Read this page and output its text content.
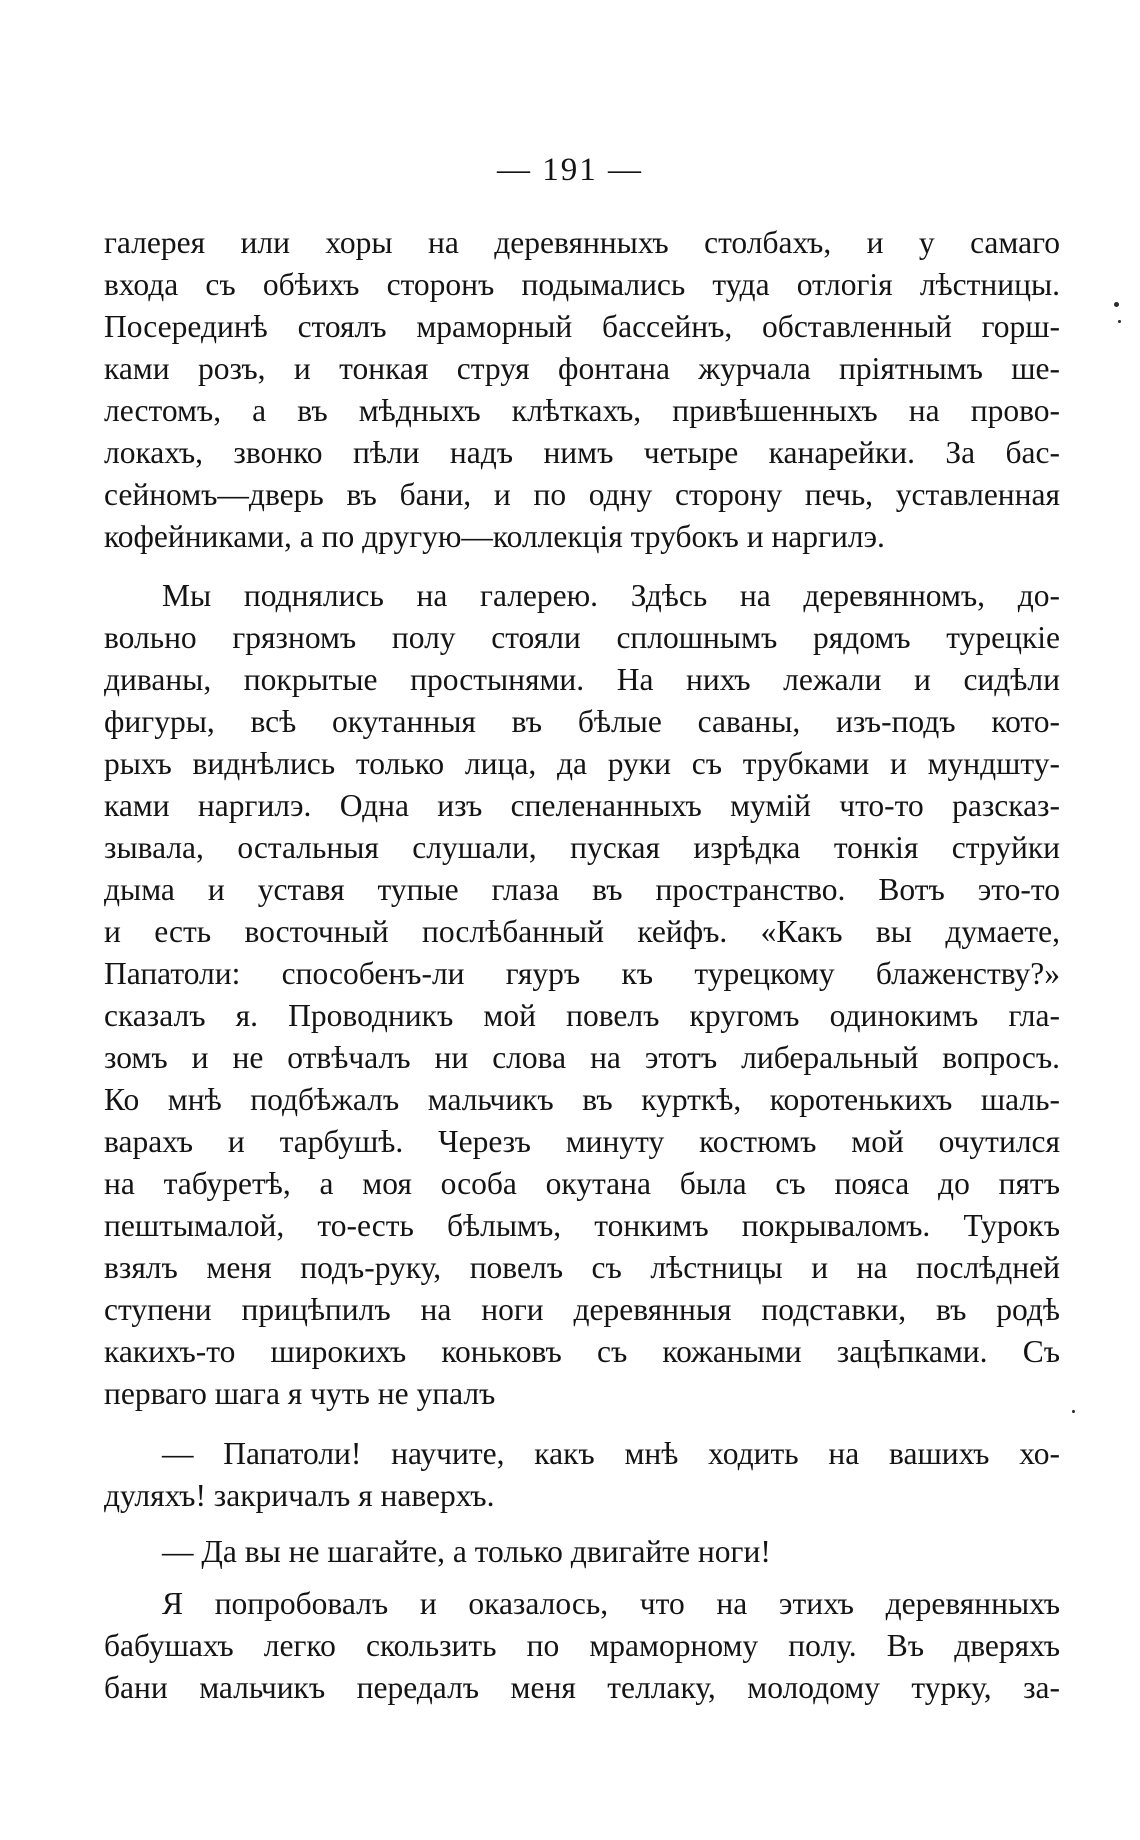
— 191 —
галерея или хоры на деревянныхъ столбахъ, и у самаго
входа съ обѣихъ сторонъ подымались туда отлогія лѣстницы.
Посерединѣ стоялъ мраморный бассейнъ, обставленный горш-
ками розъ, и тонкая струя фонтана журчала пріятнымъ ше-
лестомъ, а въ мѣдныхъ клѣткахъ, привѣшенныхъ на прово-
локахъ, звонко пѣли надъ нимъ четыре канарейки. За бас-
сейномъ—дверь въ бани, и по одну сторону печь, уставленная
кофейниками, а по другую—коллекція трубокъ и наргилэ.
Мы поднялись на галерею. Здѣсь на деревянномъ, до-
вольно грязномъ полу стояли сплошнымъ рядомъ турецкіе
диваны, покрытые простынями. На нихъ лежали и сидѣли
фигуры, всѣ окутанныя въ бѣлые саваны, изъ-подъ кото-
рыхъ виднѣлись только лица, да руки съ трубками и мундшту-
ками наргилэ. Одна изъ спеленанныхъ мумій что-то разсказ-
зывала, остальныя слушали, пуская изрѣдка тонкія струйки
дыма и уставя тупые глаза въ пространство. Вотъ это-то
и есть восточный послѣбанный кейфъ. «Какъ вы думаете,
Папатоли: способенъ-ли гяуръ къ турецкому блаженству?»
сказалъ я. Проводникъ мой повелъ кругомъ одинокимъ гла-
зомъ и не отвѣчалъ ни слова на этотъ либеральный вопросъ.
Ко мнѣ подбѣжалъ мальчикъ въ курткѣ, коротенькихъ шаль-
варахъ и тарбушѣ. Черезъ минуту костюмъ мой очутился
на табуретѣ, а моя особа окутана была съ пояса до пятъ
пештымалой, то-есть бѣлымъ, тонкимъ покрываломъ. Турокъ
взялъ меня подъ-руку, повелъ съ лѣстницы и на послѣдней
ступени прицѣпилъ на ноги деревянныя подставки, въ родѣ
какихъ-то широкихъ коньковъ съ кожаными зацѣпками. Съ
перваго шага я чуть не упалъ
— Папатоли! научите, какъ мнѣ ходить на вашихъ хо-
дуляхъ! закричалъ я наверхъ.
— Да вы не шагайте, а только двигайте ноги!
Я попробовалъ и оказалось, что на этихъ деревянныхъ
бабушахъ легко скользить по мраморному полу. Въ дверяхъ
бани мальчикъ передалъ меня теллаку, молодому турку, за-
